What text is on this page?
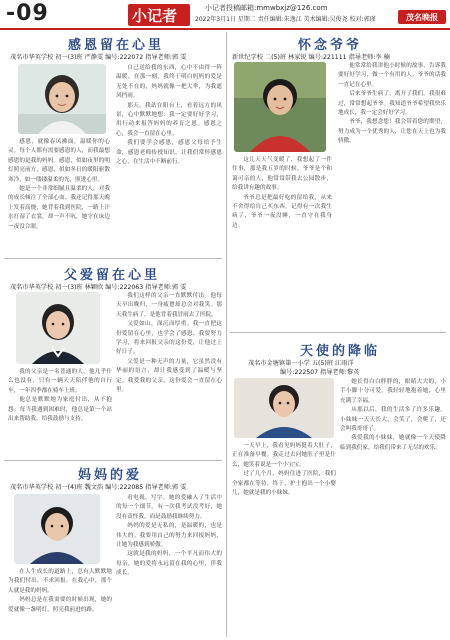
-09	小记者	小记者投稿邮箱:mmwbxjz@126.com
2022年3月1日 星期二 责任编辑:朱逸江 美术编辑:吴俊尧 校对:郭瑾	茂名晚报
感恩留在心里
茂名市华英学校 初一(3)班 严静雯 编号:222072 指导老师:郭 雯

感恩，就像春风拂面，温暖你的心灵。每个人都有需要感恩的人，而我最想感恩的是我的妈妈。感恩，似如夜里的明灯照亮前方，感恩，似如冬日的暖阳驱散寒冷，如一缕缕温柔的光，照进心里。

她是一个非常细腻且温柔的人，对我的成长倾注了全部心血。我还记得那天晚上发着高烧，她背着我到医院，一路上汗水打湿了衣裳，却一声不吭，她守在床边一夜没合眼。

自己送给我的东西，心中不由得一阵温暖。在那一刻，我终于明白妈妈的爱是无处不在的，妈妈就像一把大伞，为我遮风挡雨。

那天，我站在阳台上，看着远方的风景，心中默默地想：我一定要好好学习，用行动来报答妈妈的养育之恩。感恩之心，我会一直留在心里。

我们要学会感恩，感恩父母给予生命，感恩老师传授知识。让我们常怀感恩之心，在生活中不断前行。

父爱留在心里
茂名市华英学校 初一(3)班 林颖欣 编号:222063 指导老师:郭 雯

我的父亲是一名普通的人，他几乎什么也没有，只有一辆天天陪伴他的自行车，一年四季都在骑车上班。

他总是默默地为家庭付出，从不抱怨。每当我遇到困难时，他总是第一个站出来帮助我，给我鼓励与支持。

我们这样的父亲一直默默付出。他每天早出晚归，一身疲惫却总会对我笑。那天我生病了，是他背着我冒雨去了医院。

父爱如山，深沉而厚重。我一直把这份爱留在心里，也学会了感恩。我要努力学习，将来回报父亲的这份爱，让他过上好日子。

父爱是一种无声的力量，它虽然没有华丽的语言，却让我感受到了温暖与坚定。我爱我的父亲，这份爱会一直留在心里。

妈妈的爱
茂名市华英学校 初一(4)班 魏文浩 编号:222085 指导老师:郭 雯

在人生成长的道路上，总有人默默地为我们付出，不求回报。在我心中，那个人就是我的妈妈。

妈妈总是在我需要的时候出现，她的爱就像一盏明灯，照亮我前进的路。

看电视，写字。她的爱融入了生活中的每一个细节。有一次我考试没考好，她没有责怪我，而是鼓励我继续努力。

妈妈的爱是无私的，是温暖的，也是伟大的。我要用自己的努力来回报妈妈，让她为我感到骄傲。

这就是我的妈妈，一个平凡而伟大的母亲。她的爱将永远留在我的心里，伴我成长。

怀念爷爷
新世纪学校 二(5)班 林家锐 编号:221111 指导老师:李 楠

这几天天气变暖了，我想起了一件往事，那是我五岁的时候。爷爷是个和蔼可亲的人，他常常带我去公园散步，给我讲有趣的故事。

爷爷总是把最好吃的留给我，从来不舍得给自己买东西。记得有一次我生病了，爷爷一夜没睡，一直守在我身边。

他常常给我讲他小时候的故事，告诉我要好好学习，做一个有用的人。爷爷的话我一直记在心里。

后来爷爷生病了，离开了我们。我很难过，常常想起爷爷。我知道爷爷希望我快乐地成长，我一定会好好学习。

爷爷，我想念您！我会带着您的期望，努力成为一个优秀的人，让您在天上也为我骄傲。

天使的降临
茂名市金塘镇第一小学 五(5)班 江雨洋
编号:222507 指导老师:黎英

一天早上，我看见妈妈挺着大肚子，正在准备早餐。我走过去问她肚子里是什么，她笑着说是一个小宝宝。

过了几个月，妈妈住进了医院，我们全家都在等待。终于，护士抱出一个小婴儿，她就是我的小妹妹。

她长得白白胖胖的，眼睛大大的，小手小脚十分可爱。我轻轻地抱着她，心里充满了幸福。

从那以后，我的生活多了许多乐趣。小妹妹一天天长大，会笑了，会爬了，还会叫我哥哥了。

我爱我的小妹妹，她就像一个天使降临到我们家，给我们带来了无尽的欢乐。
